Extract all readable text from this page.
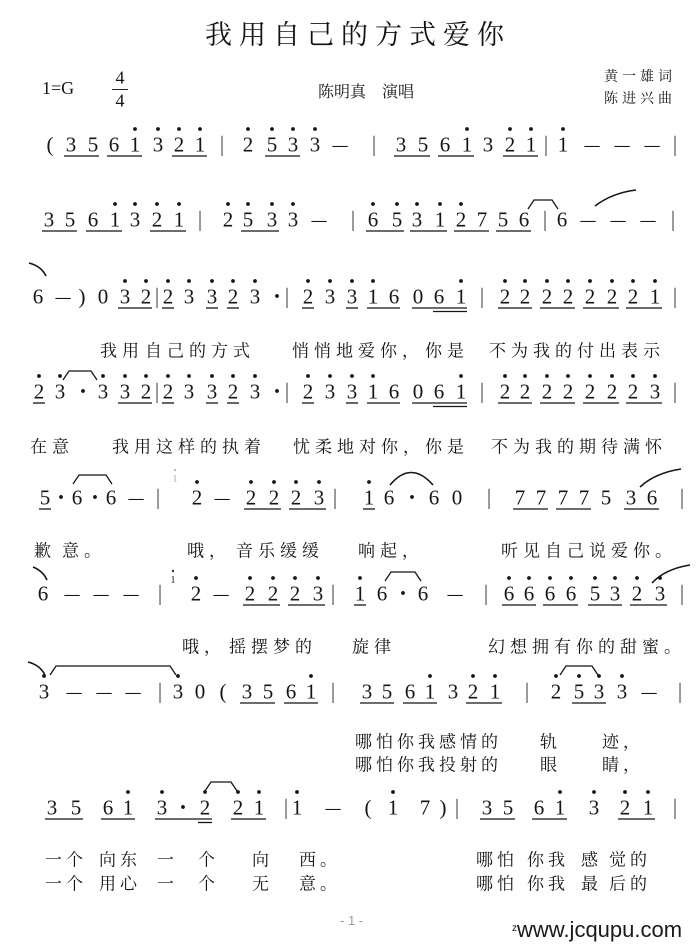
我用自己的方式爱你
1=G
4
4	陈明真 演唱
黄一雄词
陈进兴曲
( 3 5 6 1 3 2 1 | 2 5 3 3 — | 3 5 6 1 3 2 1 | 1 — — — |
3 5 6 1 3 2 1 | 2 5 3 3 — | 6 5 3 1 2 7 5 6 | 6 — — — |
6 — ) 0 3 2 | 2 3 3 2 3 · | 2 3 3 1 6 0 6 1 | 2 2 2 2 2 2 2 1 |
2 3 · 3 3 2 | 2 3 3 2 3 · | 2 3 3 1 6 0 6 1 | 2 2 2 2 2 2 2 3 |
5 · 6 · 6 — | 2 — 2 2 2 3 | 1 6 · 6 0 | 7 7 7 7 5 3 6 |
1
6 — — — | 2 — 2 2 2 3 | 1 6 · 6 — | 6 6 6 6 5 3 2 3 |
1
3 — — — | 3 0 ( 3 5 6 1 | 3 5 6 1 3 2 1 | 2 5 3 3 — |
3 5 6 1 3 · 2 2 1 | 1 — ( 1 7 ) | 3 5 6 1 3 2 1 |
我用 自己的方式 悄悄地爱你， 你是 不为我的付出表示
在意 我用这样的执着 忧柔地对你，你是 不为我的期待满怀
歉 意。	哦， 音乐缓缓 响起，	听见自己说爱你。
哦， 摇摆梦的 旋律	幻想拥有你的甜蜜。
哪怕你我感情的 轨 迹，
哪怕你我投射的 眼 睛，
一个 向东 一 个 向 西。	哪怕 你我 感 觉的
一个 用心 一 个 无 意。	哪怕 你我 最 后的
- 1 -
$^z$www.jcqupu.com
